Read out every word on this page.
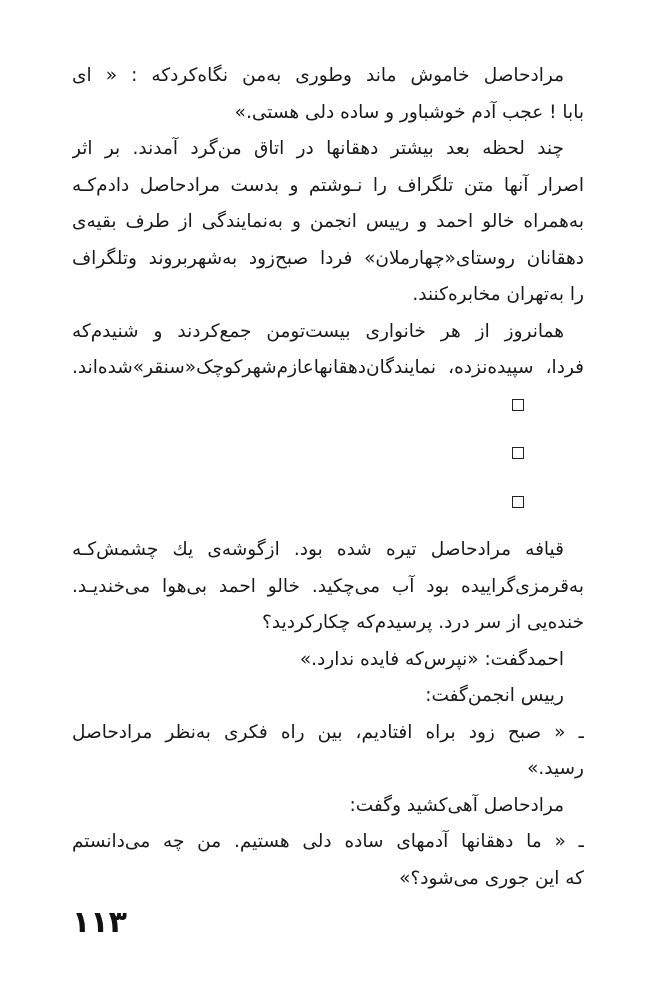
مرادحاصل خاموش ماند وطوری به‌من نگاه‌کردکه : « ای
بابا ! عجب آدم خوشباور و ساده دلی هستی.»
چند لحظه بعد بیشتر دهقانها در اتاق من‌گرد آمدند. بر اثر
اصرار آنها متن تلگراف را نـوشتم و بدست مرادحاصل دادم‌کـه
به‌همراه خالو احمد و رییس انجمن و به‌نمایندگی از طرف بقیه‌ی
دهقانان روستای«چهارملان» فردا صبح‌زود به‌شهربروند وتلگراف
را به‌تهران مخابره‌کنند.
همانروز از هر خانواری بیست‌تومن جمع‌کردند و شنیدم‌که
فردا، سپیده‌نزده، نمایندگان‌دهقانهاعازم‌شهرکوچک«سنقر»شده‌اند.
قیافه مرادحاصل تیره شده بود. ازگوشه‌ی یك چشمش‌کـه
به‌قرمزی‌گراییده بود آب می‌چکید. خالو احمد بی‌هوا می‌خندیـد.
خنده‌یی از سر درد. پرسیدم‌که چکارکردید؟
احمدگفت: «نپرس‌که فایده ندارد.»
رییس انجمن‌گفت:
ـ « صبح زود براه افتادیم، بین راه فکری به‌نظر مرادحاصل
رسید.»
مرادحاصل آهی‌کشید وگفت:
ـ « ما دهقانها آدمهای ساده دلی هستیم. من چه می‌دانستم
که این جوری می‌شود؟»
۱۱۳
